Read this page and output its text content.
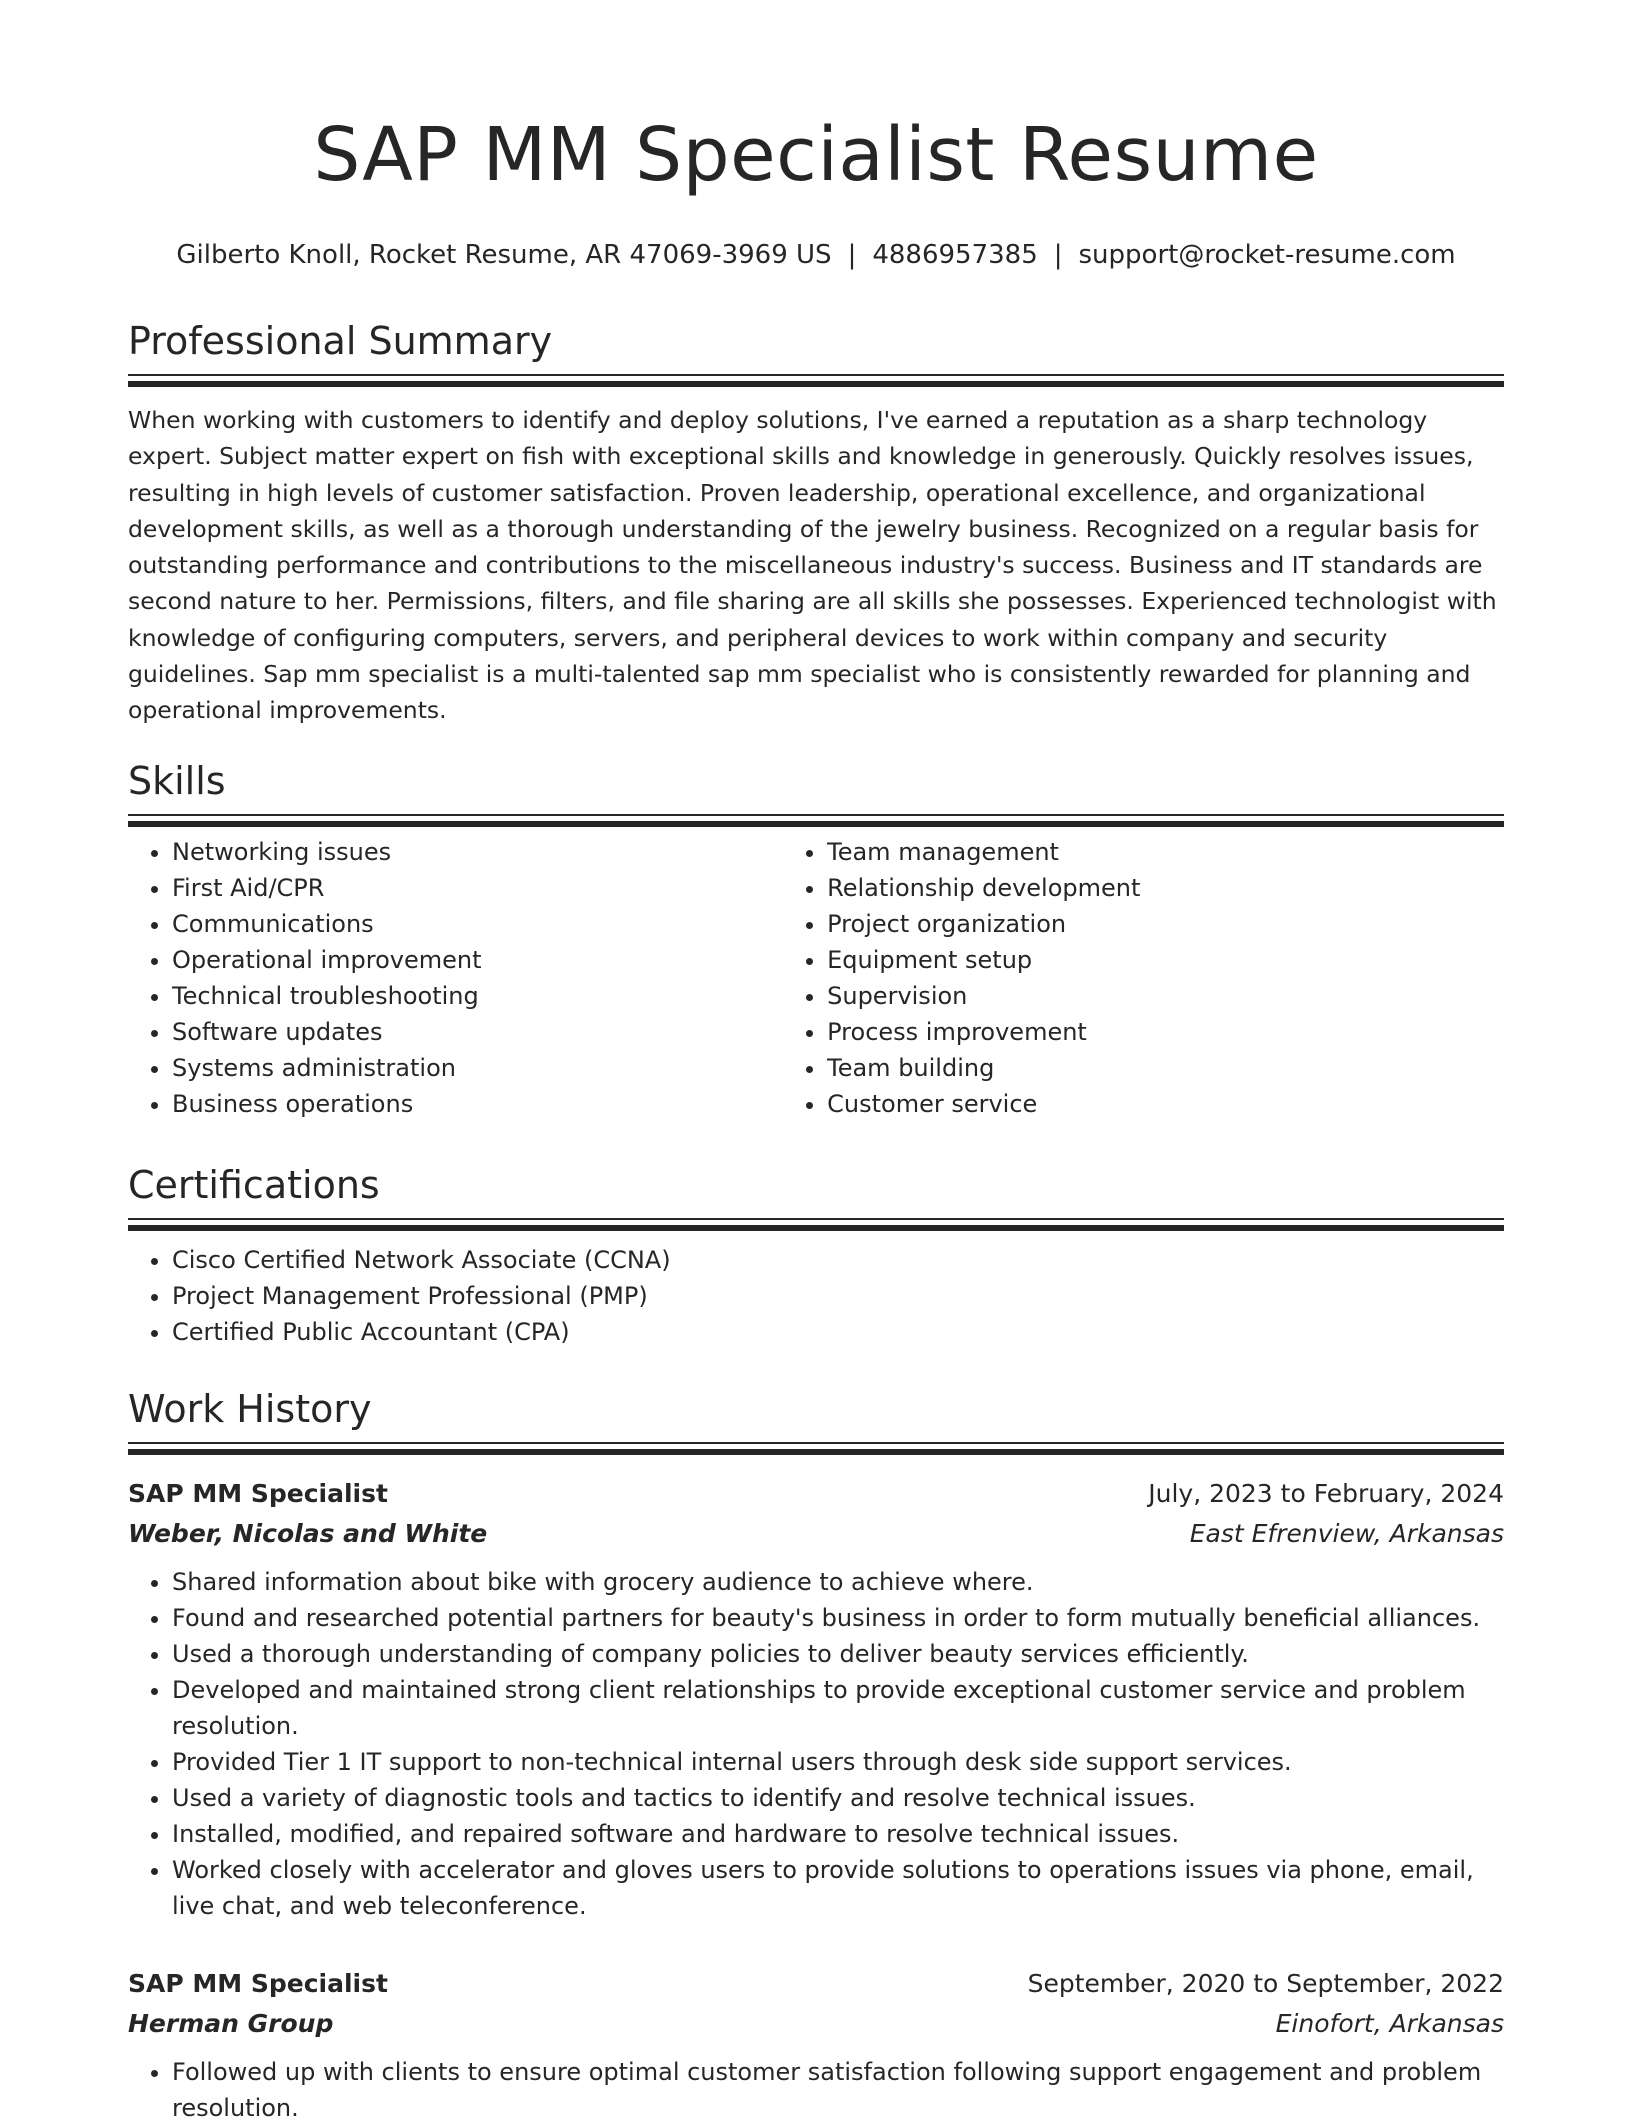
SAP MM Specialist Resume
Gilberto Knoll, Rocket Resume, AR 47069-3969 US | 4886957385 | support@rocket-resume.com
Professional Summary

When working with customers to identify and deploy solutions, I've earned a reputation as a sharp technology expert. Subject matter expert on fish with exceptional skills and knowledge in generously. Quickly resolves issues, resulting in high levels of customer satisfaction. Proven leadership, operational excellence, and organizational development skills, as well as a thorough understanding of the jewelry business. Recognized on a regular basis for outstanding performance and contributions to the miscellaneous industry's success. Business and IT standards are second nature to her. Permissions, filters, and file sharing are all skills she possesses. Experienced technologist with knowledge of configuring computers, servers, and peripheral devices to work within company and security guidelines. Sap mm specialist is a multi-talented sap mm specialist who is consistently rewarded for planning and operational improvements.

Skills
• Networking issues
• First Aid/CPR
• Communications
• Operational improvement
• Technical troubleshooting
• Software updates
• Systems administration
• Business operations
• Team management
• Relationship development
• Project organization
• Equipment setup
• Supervision
• Process improvement
• Team building
• Customer service
Certifications
• Cisco Certified Network Associate (CCNA)
• Project Management Professional (PMP)
• Certified Public Accountant (CPA)
Work History
SAP MM Specialist	July, 2023 to February, 2024
Weber, Nicolas and White	East Efrenview, Arkansas
• Shared information about bike with grocery audience to achieve where.
• Found and researched potential partners for beauty's business in order to form mutually beneficial alliances.
• Used a thorough understanding of company policies to deliver beauty services efficiently.
• Developed and maintained strong client relationships to provide exceptional customer service and problem resolution.
• Provided Tier 1 IT support to non-technical internal users through desk side support services.
• Used a variety of diagnostic tools and tactics to identify and resolve technical issues.
• Installed, modified, and repaired software and hardware to resolve technical issues.
• Worked closely with accelerator and gloves users to provide solutions to operations issues via phone, email, live chat, and web teleconference.
SAP MM Specialist	September, 2020 to September, 2022
Herman Group	Einofort, Arkansas
• Followed up with clients to ensure optimal customer satisfaction following support engagement and problem resolution.
